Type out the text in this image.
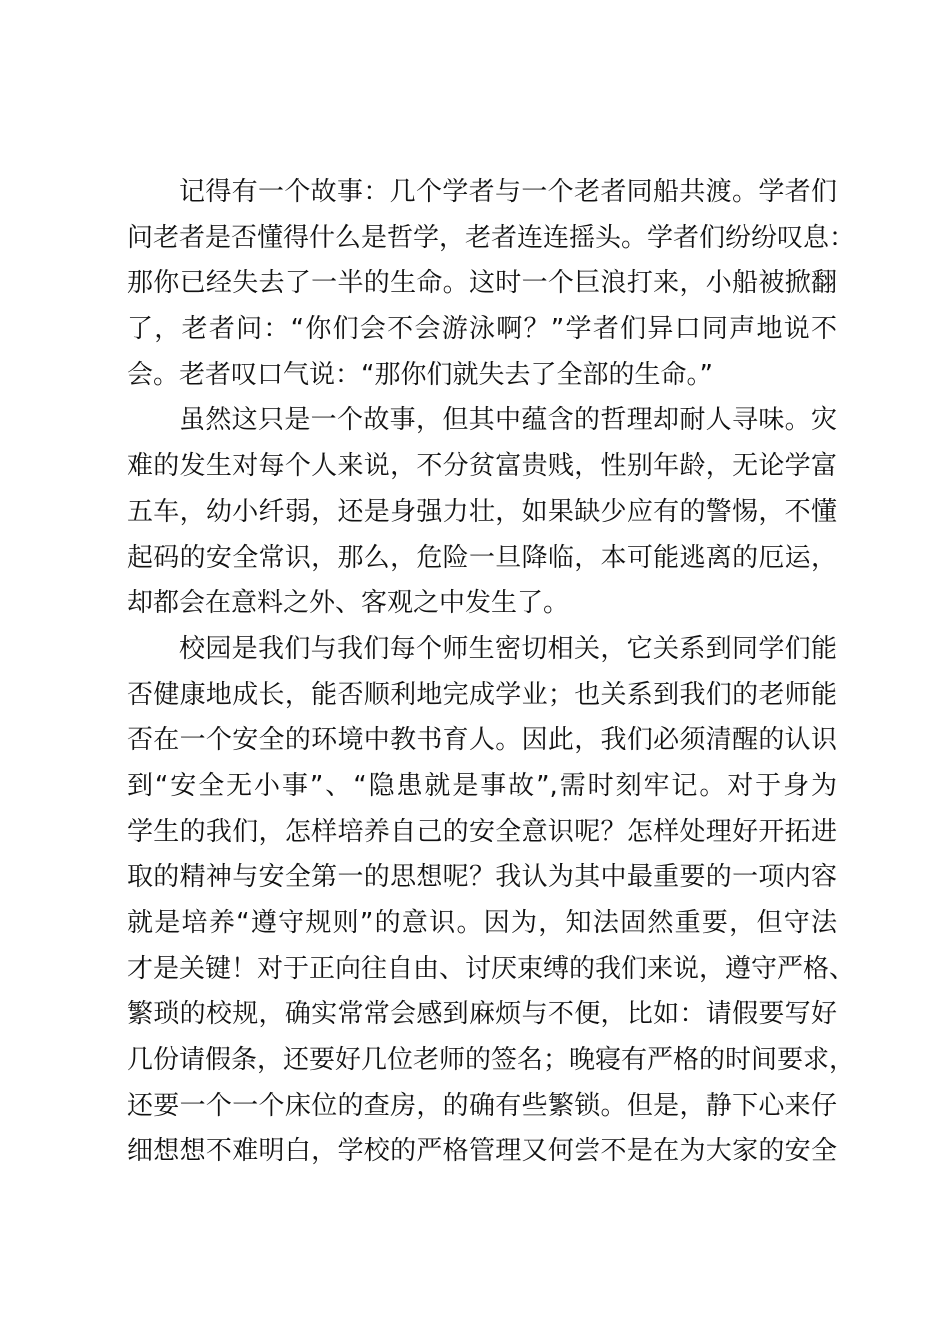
记得有一个故事：几个学者与一个老者同船共渡。学者们
问老者是否懂得什么是哲学，老者连连摇头。学者们纷纷叹息：
那你已经失去了一半的生命。这时一个巨浪打来，小船被掀翻
了，老者问：“你们会不会游泳啊？”学者们异口同声地说不
会。老者叹口气说：“那你们就失去了全部的生命。”
虽然这只是一个故事，但其中蕴含的哲理却耐人寻味。灾
难的发生对每个人来说，不分贫富贵贱，性别年龄，无论学富
五车，幼小纤弱，还是身强力壮，如果缺少应有的警惕，不懂
起码的安全常识，那么，危险一旦降临，本可能逃离的厄运，
却都会在意料之外、客观之中发生了。
校园是我们与我们每个师生密切相关，它关系到同学们能
否健康地成长，能否顺利地完成学业；也关系到我们的老师能
否在一个安全的环境中教书育人。因此，我们必须清醒的认识
到“安全无小事”、“隐患就是事故”,需时刻牢记。对于身为
学生的我们，怎样培养自己的安全意识呢？怎样处理好开拓进
取的精神与安全第一的思想呢？我认为其中最重要的一项内容
就是培养“遵守规则”的意识。因为，知法固然重要，但守法
才是关键！对于正向往自由、讨厌束缚的我们来说，遵守严格、
繁琐的校规，确实常常会感到麻烦与不便，比如：请假要写好
几份请假条，还要好几位老师的签名；晚寝有严格的时间要求，
还要一个一个床位的查房，的确有些繁锁。但是，静下心来仔
细想想不难明白，学校的严格管理又何尝不是在为大家的安全
